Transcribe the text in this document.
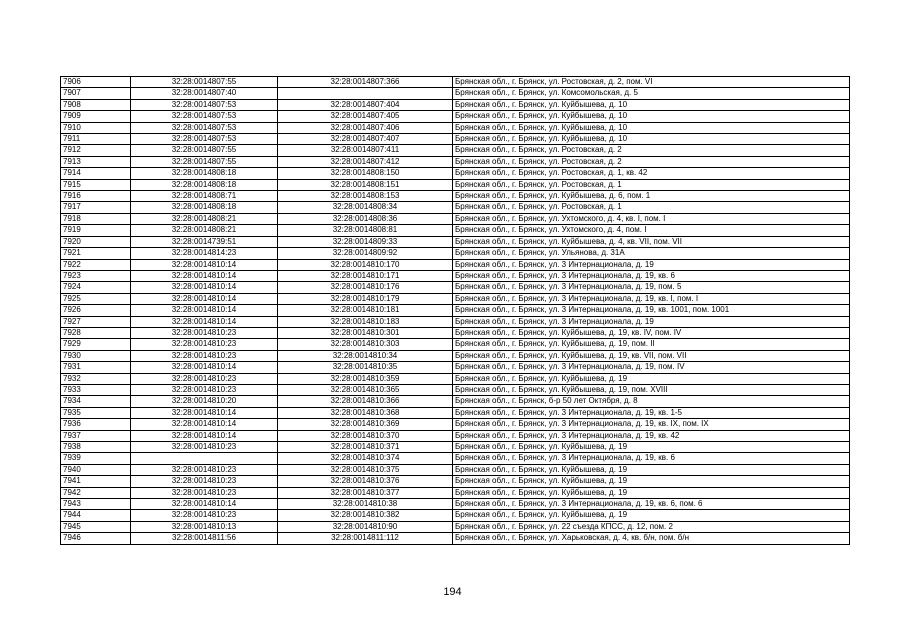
7906	32:28:0014807:55	32:28:0014807:366	Брянская обл., г. Брянск, ул. Ростовская, д. 2, пом. VI
7907	32:28:0014807:40		Брянская обл., г. Брянск, ул. Комсомольская, д. 5
7908	32:28:0014807:53	32:28:0014807:404	Брянская обл., г. Брянск, ул. Куйбышева, д. 10
7909	32:28:0014807:53	32:28:0014807:405	Брянская обл., г. Брянск, ул. Куйбышева, д. 10
7910	32:28:0014807:53	32:28:0014807:406	Брянская обл., г. Брянск, ул. Куйбышева, д. 10
7911	32:28:0014807:53	32:28:0014807:407	Брянская обл., г. Брянск, ул. Куйбышева, д. 10
7912	32:28:0014807:55	32:28:0014807:411	Брянская обл., г. Брянск, ул. Ростовская, д. 2
7913	32:28:0014807:55	32:28:0014807:412	Брянская обл., г. Брянск, ул. Ростовская, д. 2
7914	32:28:0014808:18	32:28:0014808:150	Брянская обл., г. Брянск, ул. Ростовская, д. 1, кв. 42
7915	32:28:0014808:18	32:28:0014808:151	Брянская обл., г. Брянск, ул. Ростовская, д. 1
7916	32:28:0014808:71	32:28:0014808:153	Брянская обл., г. Брянск, ул. Куйбышева, д. 6, пом. 1
7917	32:28:0014808:18	32:28:0014808:34	Брянская обл., г. Брянск, ул. Ростовская, д. 1
7918	32:28:0014808:21	32:28:0014808:36	Брянская обл., г. Брянск, ул. Ухтомского, д. 4, кв. I, пом. I
7919	32:28:0014808:21	32:28:0014808:81	Брянская обл., г. Брянск, ул. Ухтомского, д. 4, пом. I
7920	32:28:0014739:51	32:28:0014809:33	Брянская обл., г. Брянск, ул. Куйбышева, д. 4, кв. VII, пом. VII
7921	32:28:0014814:23	32:28:0014809:92	Брянская обл., г. Брянск, ул. Ульянова, д. 31А
7922	32:28:0014810:14	32:28:0014810:170	Брянская обл., г. Брянск, ул. 3 Интернационала, д. 19
7923	32:28:0014810:14	32:28:0014810:171	Брянская обл., г. Брянск, ул. 3 Интернационала, д. 19, кв. 6
7924	32:28:0014810:14	32:28:0014810:176	Брянская обл., г. Брянск, ул. 3 Интернационала, д. 19, пом. 5
7925	32:28:0014810:14	32:28:0014810:179	Брянская обл., г. Брянск, ул. 3 Интернационала, д. 19, кв. I, пом. I
7926	32:28:0014810:14	32:28:0014810:181	Брянская обл., г. Брянск, ул. 3 Интернационала, д. 19, кв. 1001, пом. 1001
7927	32:28:0014810:14	32:28:0014810:183	Брянская обл., г. Брянск, ул. 3 Интернационала, д. 19
7928	32:28:0014810:23	32:28:0014810:301	Брянская обл., г. Брянск, ул. Куйбышева, д. 19, кв. IV, пом. IV
7929	32:28:0014810:23	32:28:0014810:303	Брянская обл., г. Брянск, ул. Куйбышева, д. 19, пом. II
7930	32:28:0014810:23	32:28:0014810:34	Брянская обл., г. Брянск, ул. Куйбышева, д. 19, кв. VII, пом. VII
7931	32:28:0014810:14	32:28:0014810:35	Брянская обл., г. Брянск, ул. 3 Интернационала, д. 19, пом. IV
7932	32:28:0014810:23	32:28:0014810:359	Брянская обл., г. Брянск, ул. Куйбышева, д. 19
7933	32:28:0014810:23	32:28:0014810:365	Брянская обл., г. Брянск, ул. Куйбышева, д. 19, пом. XVIII
7934	32:28:0014810:20	32:28:0014810:366	Брянская обл., г. Брянск, б-р 50 лет Октября, д. 8
7935	32:28:0014810:14	32:28:0014810:368	Брянская обл., г. Брянск, ул. 3 Интернационала, д. 19, кв. 1-5
7936	32:28:0014810:14	32:28:0014810:369	Брянская обл., г. Брянск, ул. 3 Интернационала, д. 19, кв. IX, пом. IX
7937	32:28:0014810:14	32:28:0014810:370	Брянская обл., г. Брянск, ул. 3 Интернационала, д. 19, кв. 42
7938	32:28:0014810:23	32:28:0014810:371	Брянская обл., г. Брянск, ул. Куйбышева, д. 19
7939		32:28:0014810:374	Брянская обл., г. Брянск, ул. 3 Интернационала, д. 19, кв. 6
7940	32:28:0014810:23	32:28:0014810:375	Брянская обл., г. Брянск, ул. Куйбышева, д. 19
7941	32:28:0014810:23	32:28:0014810:376	Брянская обл., г. Брянск, ул. Куйбышева, д. 19
7942	32:28:0014810:23	32:28:0014810:377	Брянская обл., г. Брянск, ул. Куйбышева, д. 19
7943	32:28:0014810:14	32:28:0014810:38	Брянская обл., г. Брянск, ул. 3 Интернационала, д. 19, кв. 6, пом. 6
7944	32:28:0014810:23	32:28:0014810:382	Брянская обл., г. Брянск, ул. Куйбышева, д. 19
7945	32:28:0014810:13	32:28:0014810:90	Брянская обл., г. Брянск, ул. 22 съезда КПСС, д. 12, пом. 2
7946	32:28:0014811:56	32:28:0014811:112	Брянская обл., г. Брянск, ул. Харьковская, д. 4, кв. б/н, пом. б/н
194
